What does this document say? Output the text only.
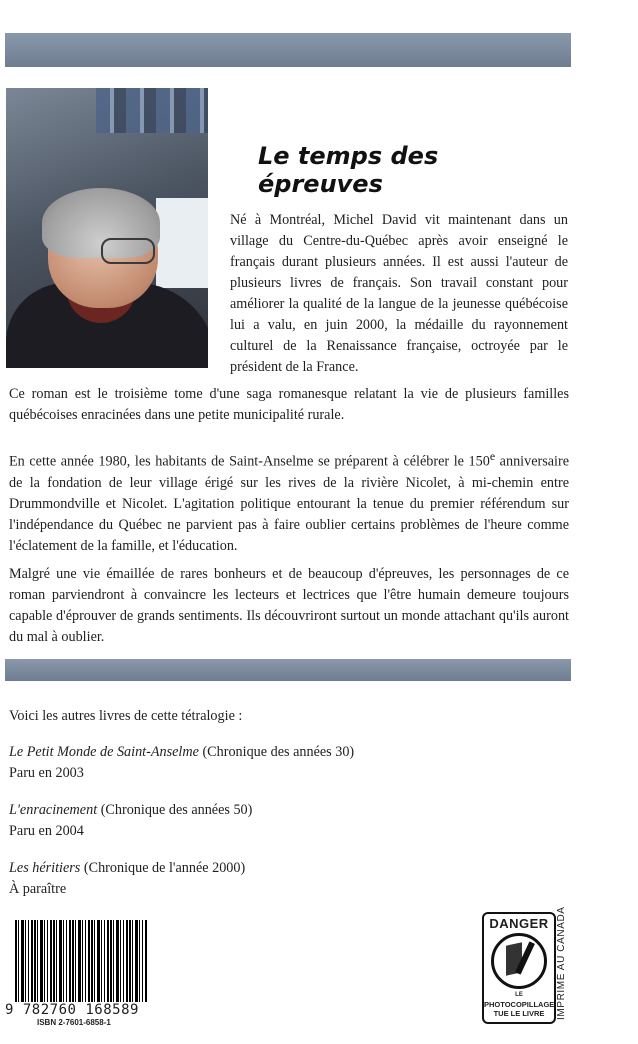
Le temps des épreuves

Né à Montréal, Michel David vit maintenant dans un village du Centre-du-Québec après avoir enseigné le français durant plusieurs années. Il est aussi l'auteur de plusieurs livres de français. Son travail constant pour améliorer la qualité de la langue de la jeunesse québécoise lui a valu, en juin 2000, la médaille du rayonnement culturel de la Renaissance française, octroyée par le président de la France.

Ce roman est le troisième tome d'une saga romanesque relatant la vie de plusieurs familles québécoises enracinées dans une petite municipalité rurale.

En cette année 1980, les habitants de Saint-Anselme se préparent à célébrer le 150e anniversaire de la fondation de leur village érigé sur les rives de la rivière Nicolet, à mi-chemin entre Drummondville et Nicolet. L'agitation politique entourant la tenue du premier référendum sur l'indépendance du Québec ne parvient pas à faire oublier certains problèmes de l'heure comme l'éclatement de la famille, et l'éducation.

Malgré une vie émaillée de rares bonheurs et de beaucoup d'épreuves, les personnages de ce roman parviendront à convaincre les lecteurs et lectrices que l'être humain demeure toujours capable d'éprouver de grands sentiments. Ils découvriront surtout un monde attachant qu'ils auront du mal à oublier.

Voici les autres livres de cette tétralogie :

Le Petit Monde de Saint-Anselme (Chronique des années 30)
Paru en 2003

L'enracinement (Chronique des années 50)
Paru en 2004

Les héritiers (Chronique de l'année 2000)
À paraître

9 782760 168589
ISBN 2-7601-6858-1
DANGER
LE
PHOTOCOPILLAGE
TUE LE LIVRE	IMPRIMÉ AU CANADA
